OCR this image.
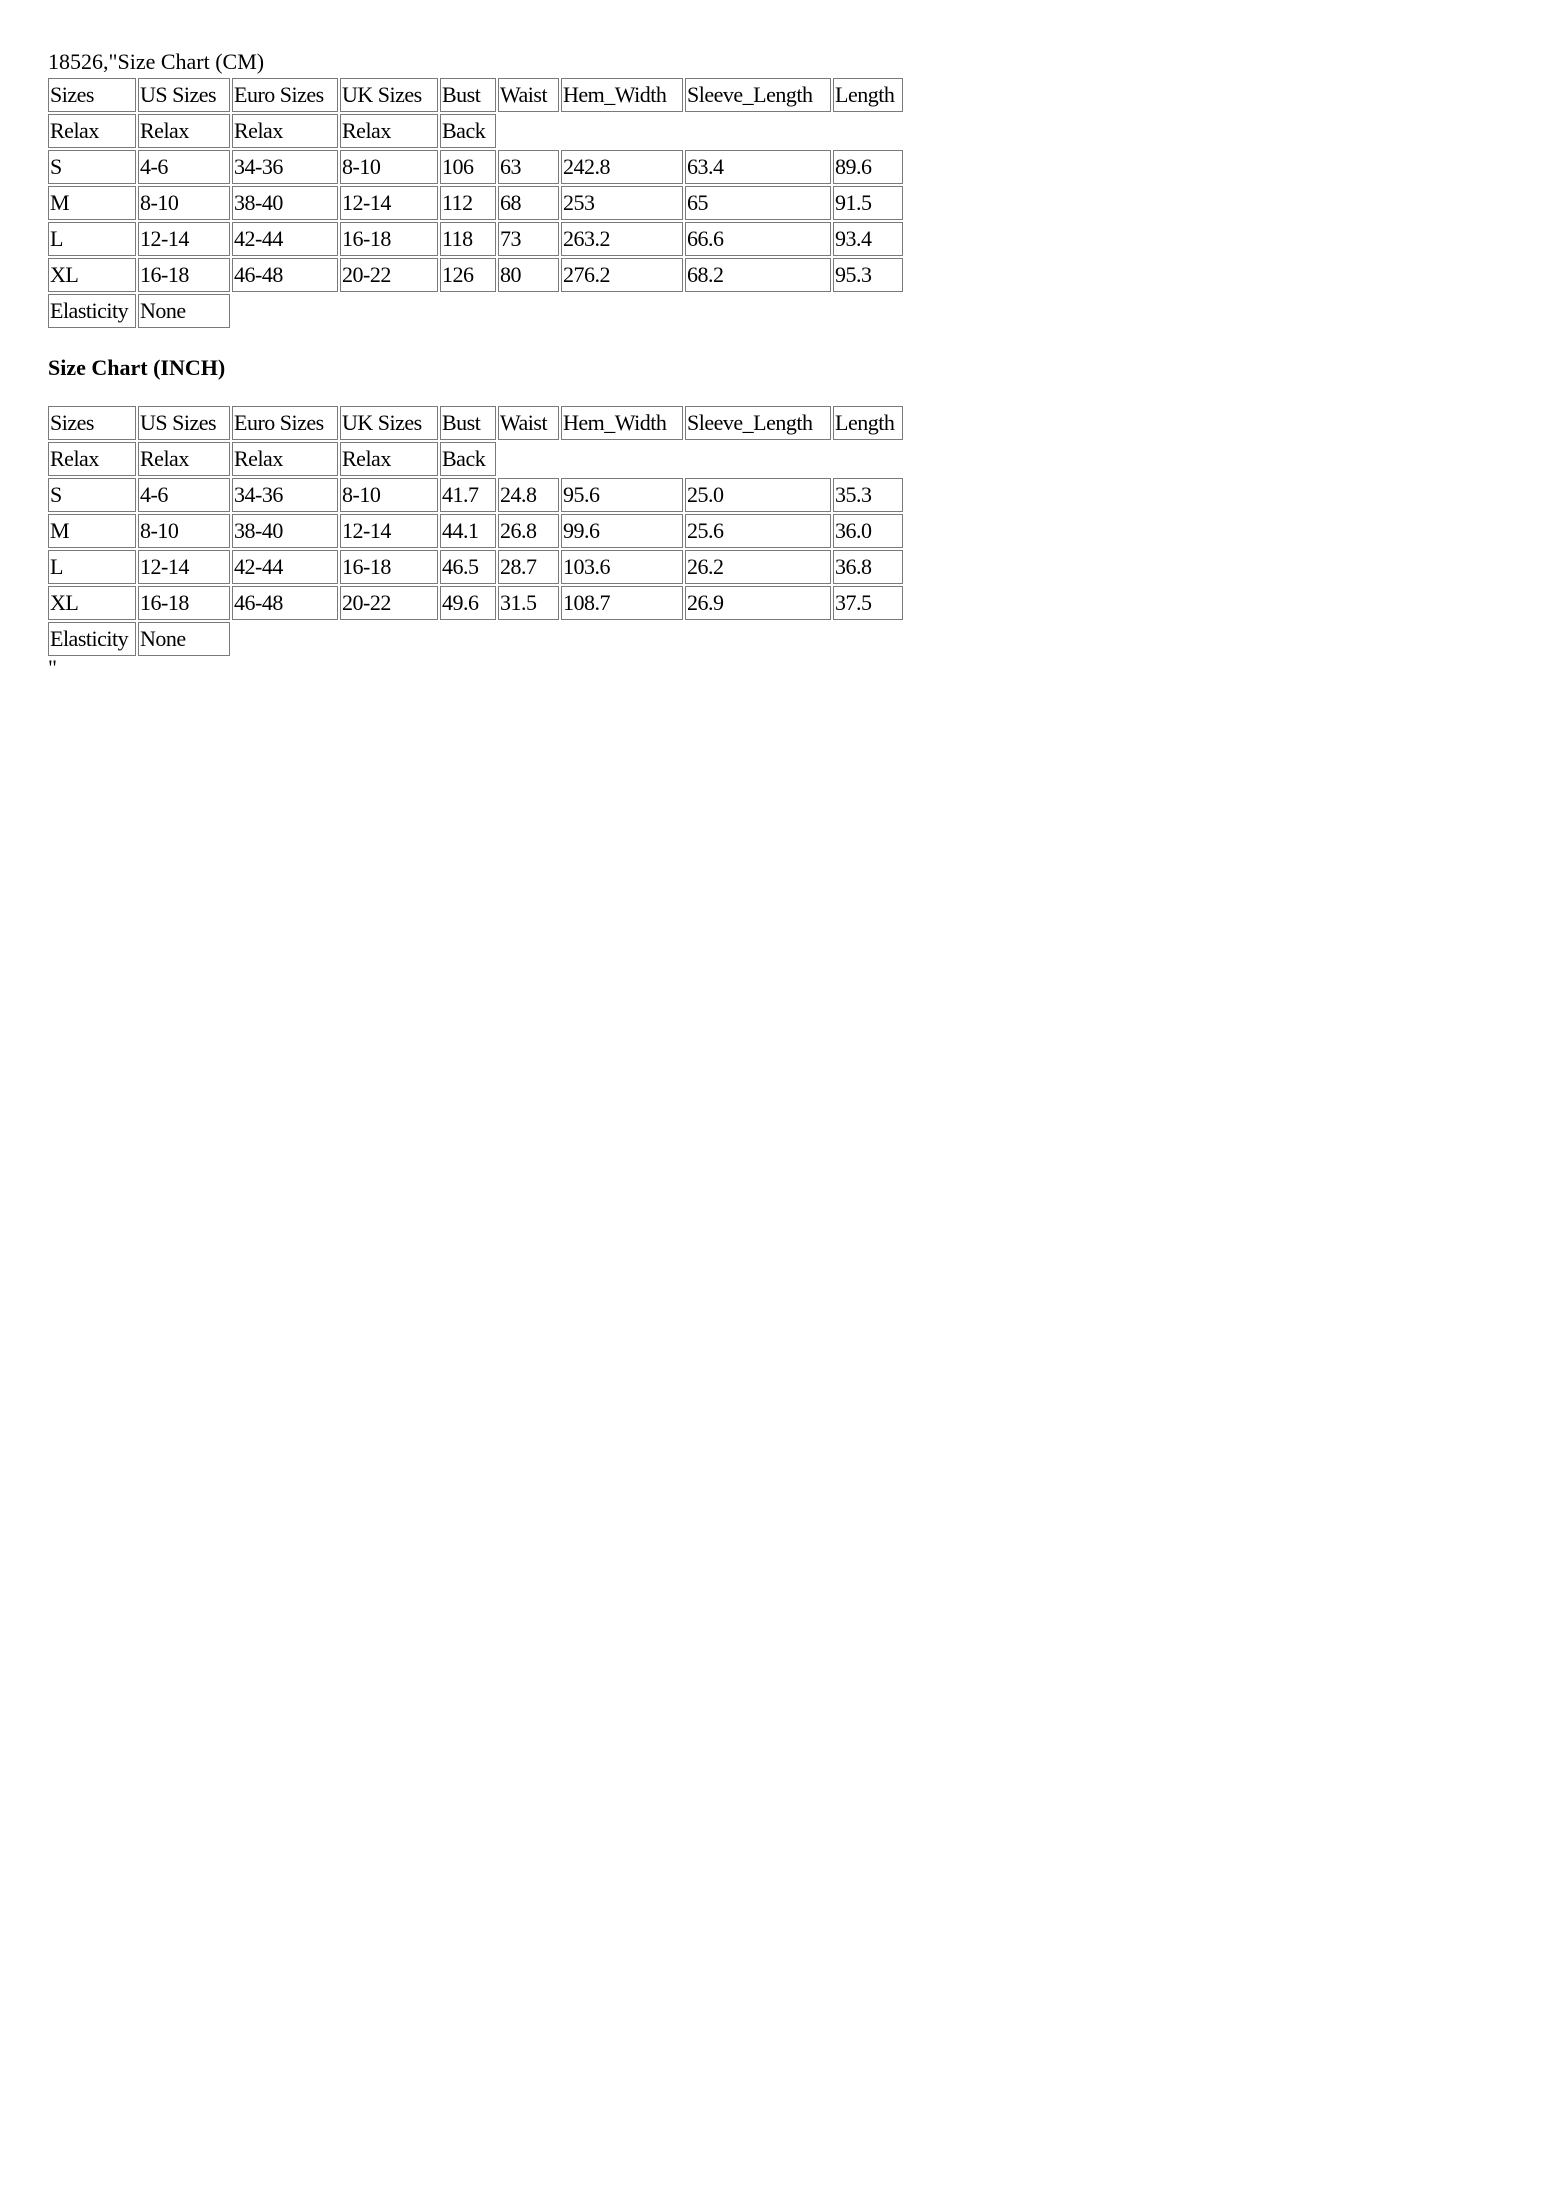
18526,"Size Chart (CM)
Sizes	US Sizes	Euro Sizes	UK Sizes	Bust	Waist	Hem_Width	Sleeve_Length	Length
Relax	Relax	Relax	Relax	Back				
S	4-6	34-36	8-10	106	63	242.8	63.4	89.6
M	8-10	38-40	12-14	112	68	253	65	91.5
L	12-14	42-44	16-18	118	73	263.2	66.6	93.4
XL	16-18	46-48	20-22	126	80	276.2	68.2	95.3
Elasticity	None							
Size Chart (INCH)
Sizes	US Sizes	Euro Sizes	UK Sizes	Bust	Waist	Hem_Width	Sleeve_Length	Length
Relax	Relax	Relax	Relax	Back				
S	4-6	34-36	8-10	41.7	24.8	95.6	25.0	35.3
M	8-10	38-40	12-14	44.1	26.8	99.6	25.6	36.0
L	12-14	42-44	16-18	46.5	28.7	103.6	26.2	36.8
XL	16-18	46-48	20-22	49.6	31.5	108.7	26.9	37.5
Elasticity	None							
"
